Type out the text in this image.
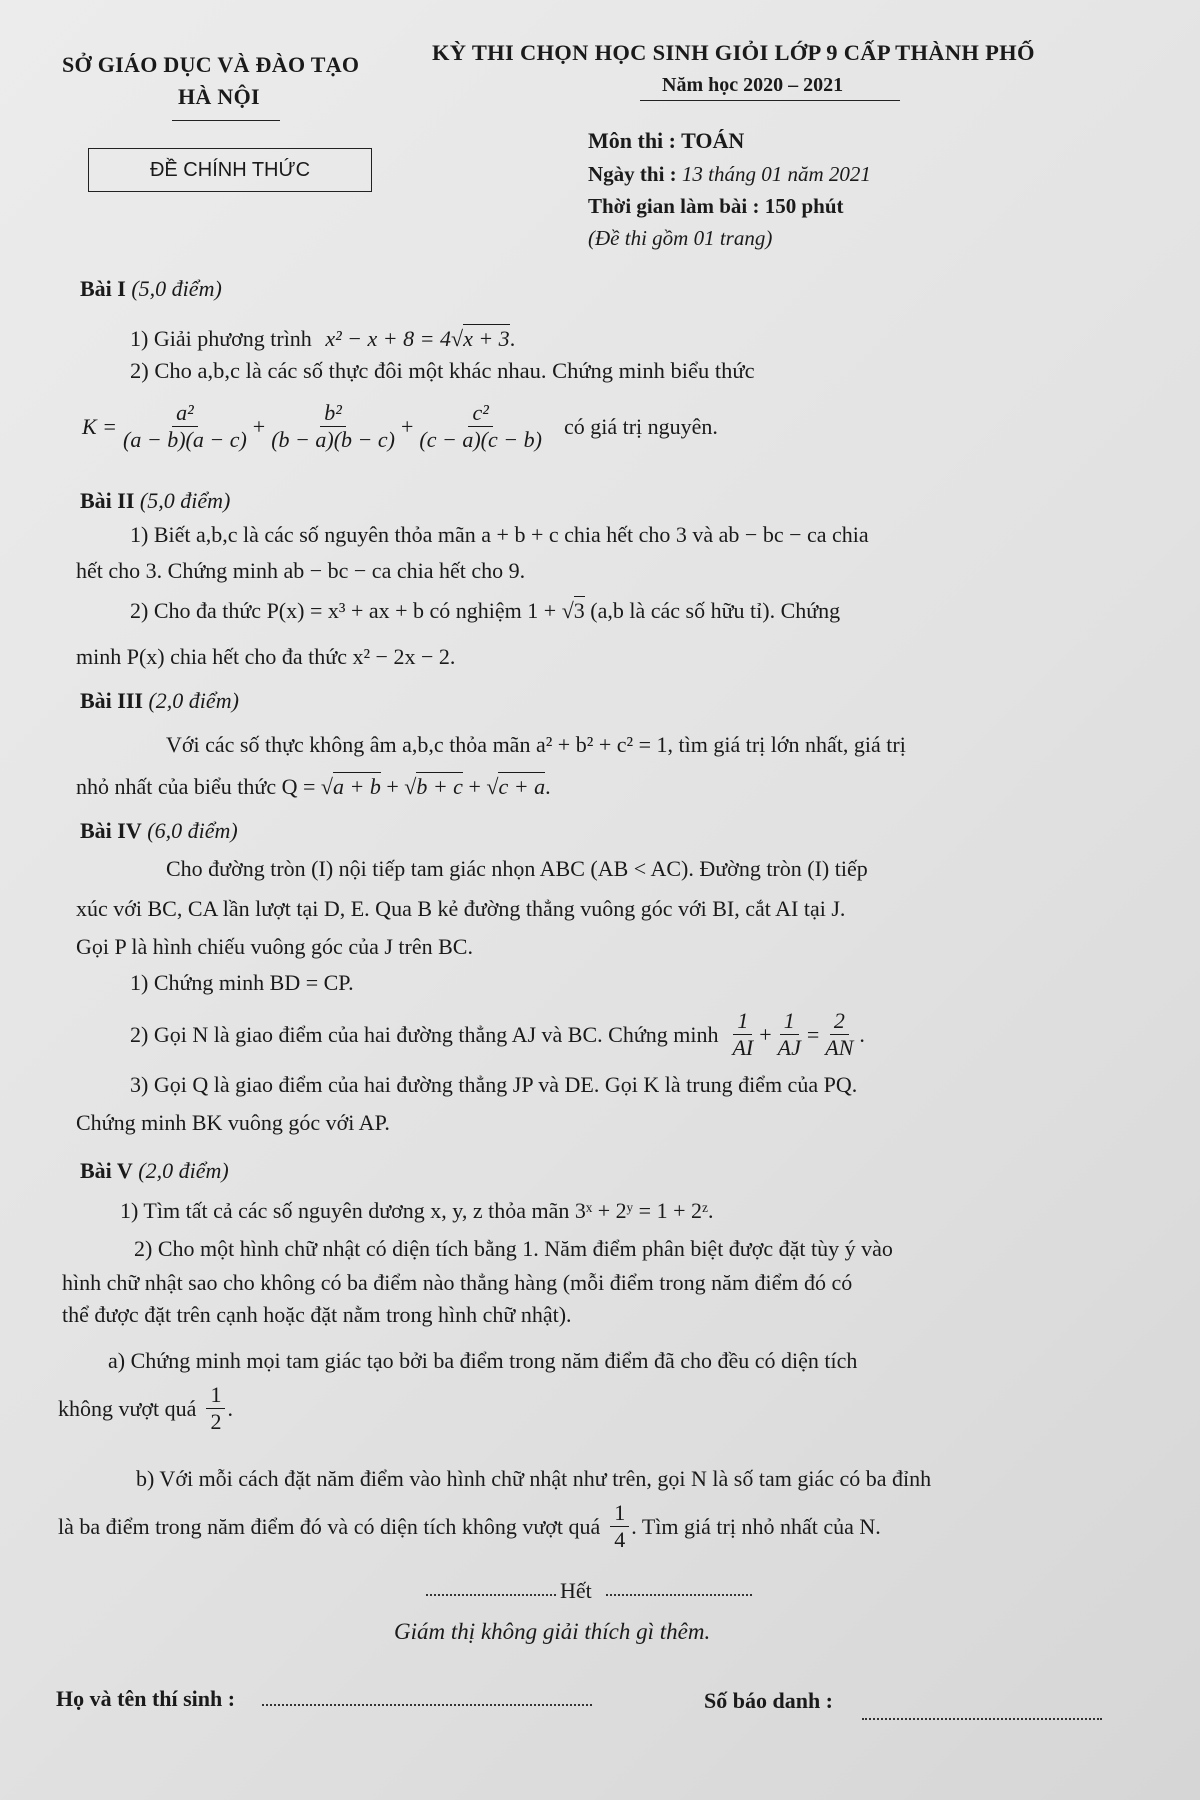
SỞ GIÁO DỤC VÀ ĐÀO TẠO
HÀ NỘI
KỲ THI CHỌN HỌC SINH GIỎI LỚP 9 CẤP THÀNH PHỐ
Năm học 2020 – 2021
ĐỀ CHÍNH THỨC
Môn thi : TOÁN
Ngày thi : 13 tháng 01 năm 2021
Thời gian làm bài : 150 phút
(Đề thi gồm 01 trang)
Bài I (5,0 điểm)
1) Giải phương trình x² − x + 8 = 4√x + 3.
2) Cho a,b,c là các số thực đôi một khác nhau. Chứng minh biểu thức
$K = \frac{\text{a²}}{(a - b)(a - c)} + \frac{\text{b²}}{(b - a)(b - c)} + \frac{\text{c²}}{(c - a)(c - b)}$ có giá trị nguyên.
Bài II (5,0 điểm)
1) Biết a,b,c là các số nguyên thỏa mãn a + b + c chia hết cho 3 và ab − bc − ca chia
hết cho 3. Chứng minh ab − bc − ca chia hết cho 9.
2) Cho đa thức P(x) = x³ + ax + b có nghiệm 1 + √3 (a,b là các số hữu tỉ). Chứng
minh P(x) chia hết cho đa thức x² − 2x − 2.
Bài III (2,0 điểm)
Với các số thực không âm a,b,c thỏa mãn a² + b² + c² = 1, tìm giá trị lớn nhất, giá trị
nhỏ nhất của biểu thức Q = √a + b + √b + c + √c + a.
Bài IV (6,0 điểm)
Cho đường tròn (I) nội tiếp tam giác nhọn ABC (AB < AC). Đường tròn (I) tiếp
xúc với BC, CA lần lượt tại D, E. Qua B kẻ đường thẳng vuông góc với BI, cắt AI tại J.
Gọi P là hình chiếu vuông góc của J trên BC.
1) Chứng minh BD = CP.
2) Gọi N là giao điểm của hai đường thẳng AJ và BC. Chứng minh $\frac{1}{AI} + \frac{1}{AJ} = \frac{2}{AN}$ .
3) Gọi Q là giao điểm của hai đường thẳng JP và DE. Gọi K là trung điểm của PQ.
Chứng minh BK vuông góc với AP.
Bài V (2,0 điểm)
1) Tìm tất cả các số nguyên dương x, y, z thỏa mãn 3ˣ + 2ʸ = 1 + 2ᶻ.
2) Cho một hình chữ nhật có diện tích bằng 1. Năm điểm phân biệt được đặt tùy ý vào
hình chữ nhật sao cho không có ba điểm nào thẳng hàng (mỗi điểm trong năm điểm đó có
thể được đặt trên cạnh hoặc đặt nằm trong hình chữ nhật).
a) Chứng minh mọi tam giác tạo bởi ba điểm trong năm điểm đã cho đều có diện tích
không vượt quá $\frac{1}{2}$ .
b) Với mỗi cách đặt năm điểm vào hình chữ nhật như trên, gọi N là số tam giác có ba đỉnh
là ba điểm trong năm điểm đó và có diện tích không vượt quá $\frac{1}{4}$ . Tìm giá trị nhỏ nhất của N.
Hết
Giám thị không giải thích gì thêm.
Họ và tên thí sinh :	Số báo danh :
